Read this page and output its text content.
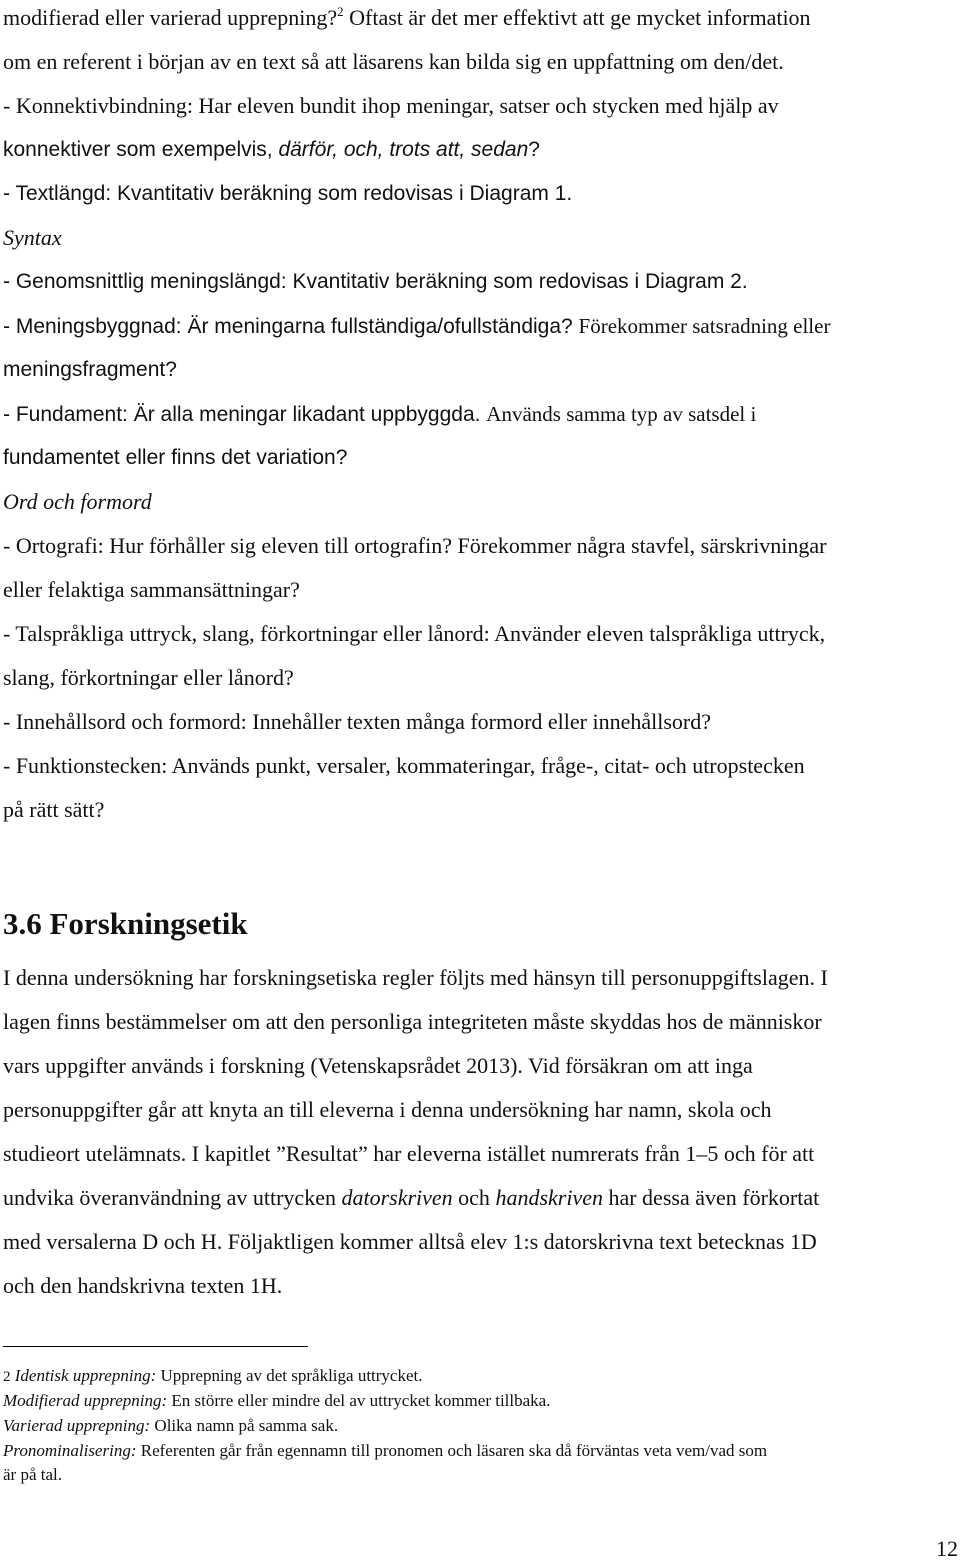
modifierad eller varierad upprepning?$^2$ Oftast är det mer effektivt att ge mycket information
om en referent i början av en text så att läsarens kan bilda sig en uppfattning om den/det.
- Konnektivbindning: Har eleven bundit ihop meningar, satser och stycken med hjälp av
konnektiver som exempelvis, därför, och, trots att, sedan?
- Textlängd: Kvantitativ beräkning som redovisas i Diagram 1.
Syntax
- Genomsnittlig meningslängd: Kvantitativ beräkning som redovisas i Diagram 2.
- Meningsbyggnad: Är meningarna fullständiga/ofullständiga? Förekommer satsradning eller
meningsfragment?
- Fundament: Är alla meningar likadant uppbyggda. Används samma typ av satsdel i
fundamentet eller finns det variation?
Ord och formord
- Ortografi: Hur förhåller sig eleven till ortografin? Förekommer några stavfel, särskrivningar
eller felaktiga sammansättningar?
- Talspråkliga uttryck, slang, förkortningar eller lånord: Använder eleven talspråkliga uttryck,
slang, förkortningar eller lånord?
- Innehållsord och formord: Innehåller texten många formord eller innehållsord?
- Funktionstecken: Används punkt, versaler, kommateringar, fråge-, citat- och utropstecken
på rätt sätt?
3.6 Forskningsetik
I denna undersökning har forskningsetiska regler följts med hänsyn till personuppgiftslagen. I
lagen finns bestämmelser om att den personliga integriteten måste skyddas hos de människor
vars uppgifter används i forskning (Vetenskapsrådet 2013). Vid försäkran om att inga
personuppgifter går att knyta an till eleverna i denna undersökning har namn, skola och
studieort utelämnats. I kapitlet ”Resultat” har eleverna istället numrerats från 1–5 och för att
undvika överanvändning av uttrycken datorskriven och handskriven har dessa även förkortat
med versalerna D och H. Följaktligen kommer alltså elev 1:s datorskrivna text betecknas 1D
och den handskrivna texten 1H.
2 Identisk upprepning: Upprepning av det språkliga uttrycket.
Modifierad upprepning: En större eller mindre del av uttrycket kommer tillbaka.
Varierad upprepning: Olika namn på samma sak.
Pronominalisering: Referenten går från egennamn till pronomen och läsaren ska då förväntas veta vem/vad som
är på tal.
12
